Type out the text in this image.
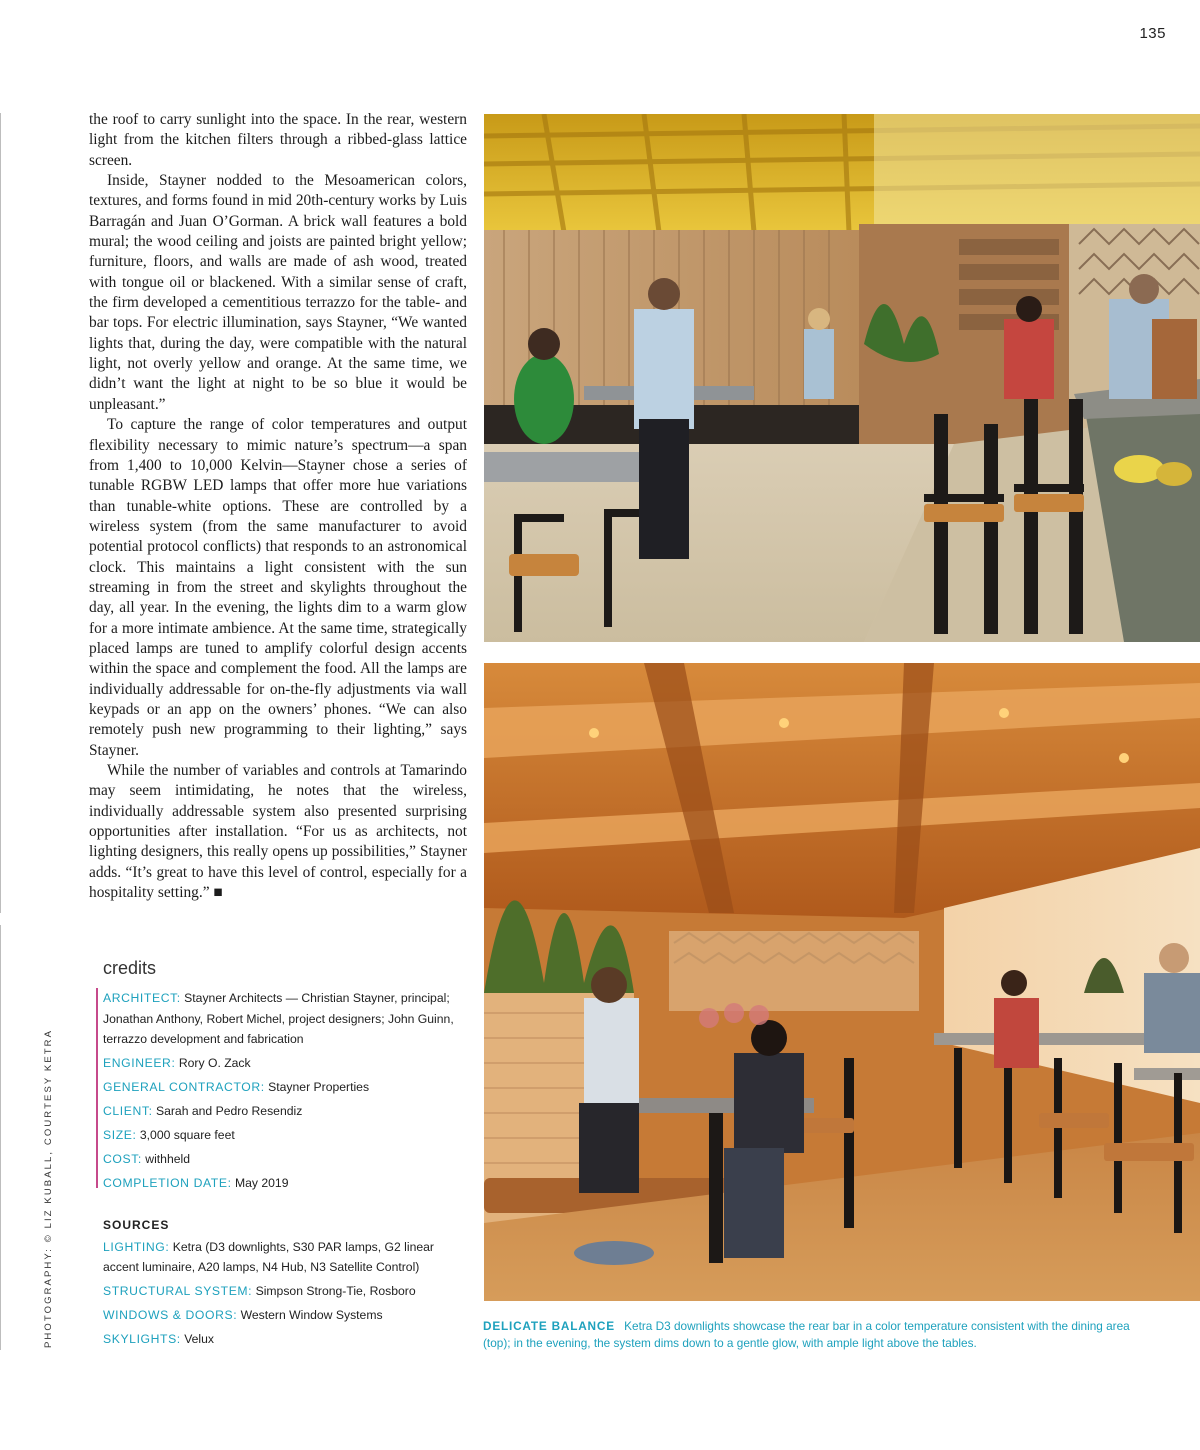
135
PHOTOGRAPHY: © LIZ KUBALL, COURTESY KETRA

the roof to carry sunlight into the space. In the rear, western light from the kitchen filters through a ribbed-glass lattice screen.

Inside, Stayner nodded to the Mesoamerican colors, textures, and forms found in mid 20th-century works by Luis Barragán and Juan O’Gorman. A brick wall features a bold mural; the wood ceiling and joists are painted bright yellow; furniture, floors, and walls are made of ash wood, treated with tongue oil or blackened. With a similar sense of craft, the firm developed a cementitious terrazzo for the table- and bar tops. For electric illumination, says Stayner, “We wanted lights that, during the day, were compatible with the natural light, not overly yellow and orange. At the same time, we didn’t want the light at night to be so blue it would be unpleasant.”

To capture the range of color temperatures and output flexibility necessary to mimic nature’s spectrum—a span from 1,400 to 10,000 Kelvin—Stayner chose a series of tunable RGBW LED lamps that offer more hue variations than tunable-white options. These are controlled by a wireless system (from the same manufacturer to avoid potential protocol conflicts) that responds to an astronomical clock. This maintains a light consistent with the sun streaming in from the street and skylights throughout the day, all year. In the evening, the lights dim to a warm glow for a more intimate ambience. At the same time, strategically placed lamps are tuned to amplify colorful design accents within the space and complement the food. All the lamps are individually addressable for on-the-fly adjustments via wall keypads or an app on the owners’ phones. “We can also remotely push new programming to their lighting,” says Stayner.

While the number of variables and controls at Tamarindo may seem intimidating, he notes that the wireless, individually addressable system also presented surprising opportunities after installation. “For us as architects, not lighting designers, this really opens up possibilities,” Stayner adds. “It’s great to have this level of control, especially for a hospitality setting.” ■

credits
ARCHITECT: Stayner Architects — Christian Stayner, principal; Jonathan Anthony, Robert Michel, project designers; John Guinn, terrazzo development and fabrication
ENGINEER: Rory O. Zack
GENERAL CONTRACTOR: Stayner Properties
CLIENT: Sarah and Pedro Resendiz
SIZE: 3,000 square feet
COST: withheld
COMPLETION DATE: May 2019
SOURCES
LIGHTING: Ketra (D3 downlights, S30 PAR lamps, G2 linear accent luminaire, A20 lamps, N4 Hub, N3 Satellite Control)
STRUCTURAL SYSTEM: Simpson Strong-Tie, Rosboro
WINDOWS & DOORS: Western Window Systems
SKYLIGHTS: Velux
DELICATE BALANCE Ketra D3 downlights showcase the rear bar in a color temperature consistent with the dining area (top); in the evening, the system dims down to a gentle glow, with ample light above the tables.
